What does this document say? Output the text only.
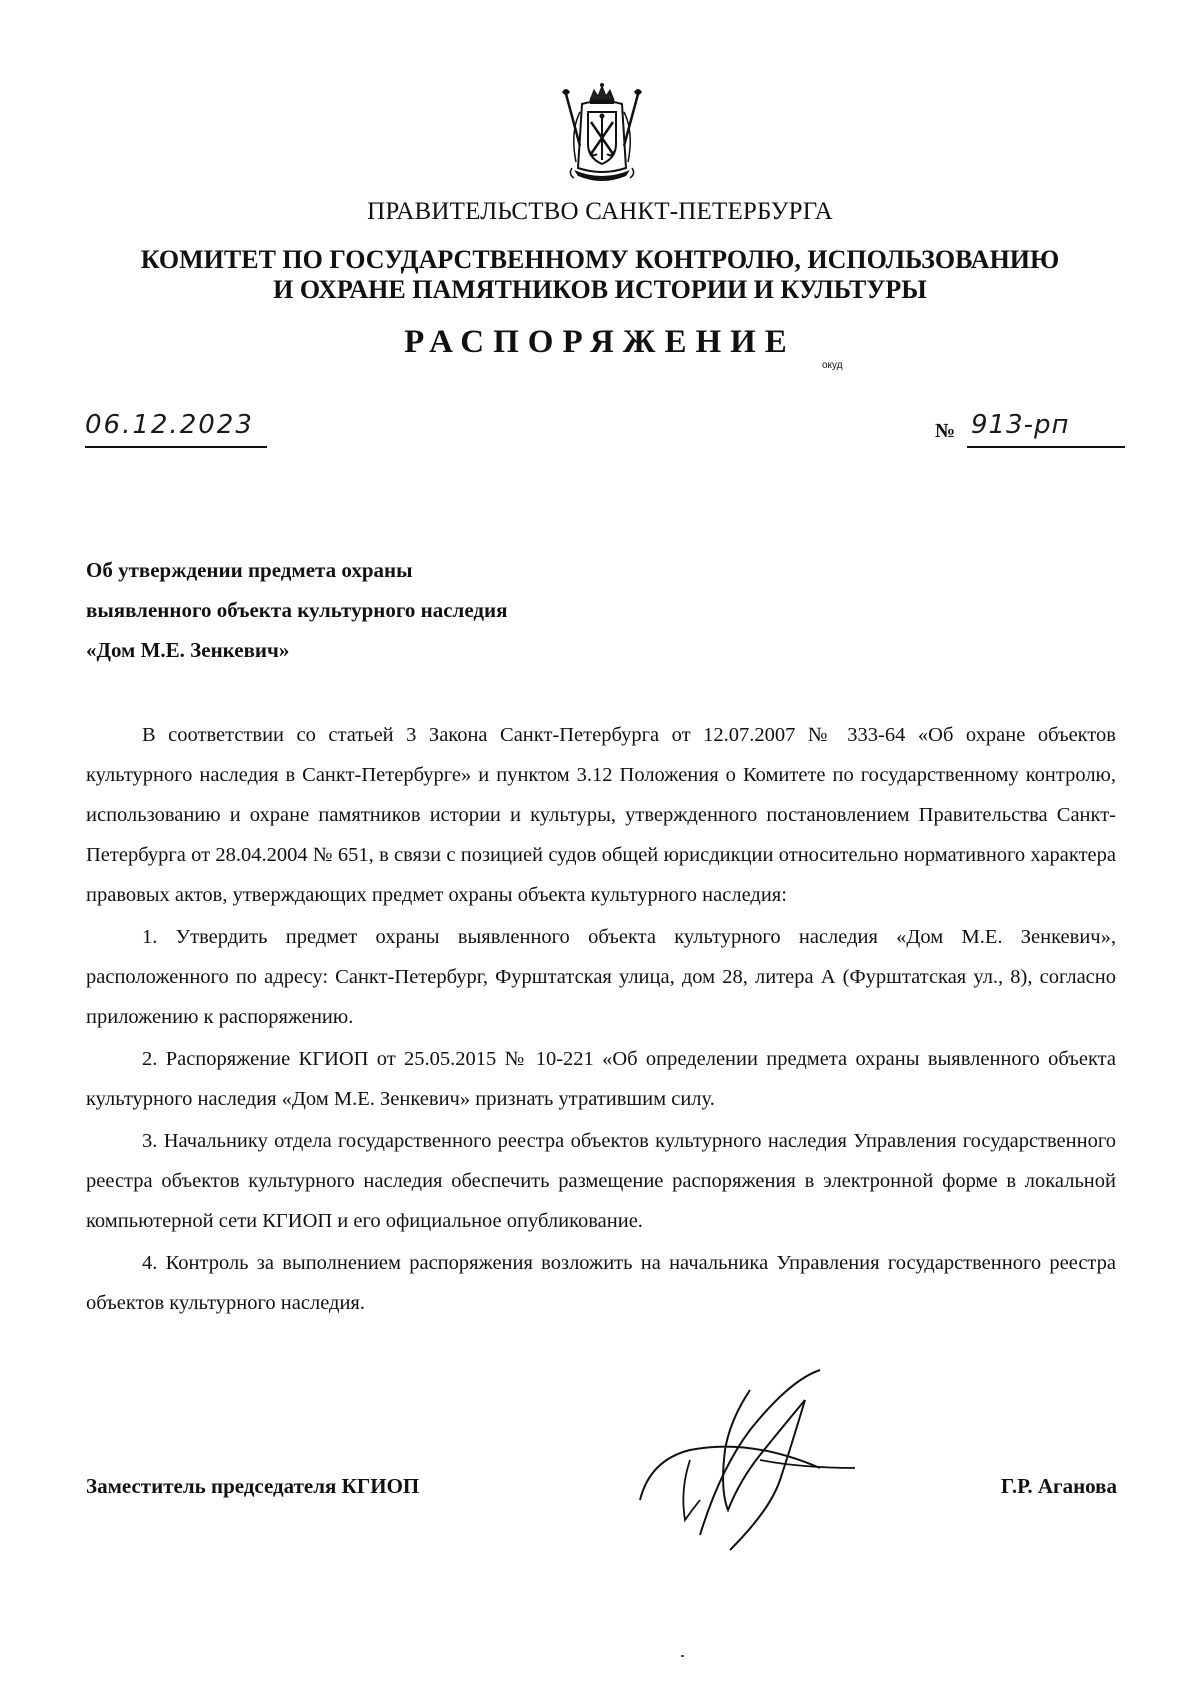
ПРАВИТЕЛЬСТВО САНКТ-ПЕТЕРБУРГА
КОМИТЕТ ПО ГОСУДАРСТВЕННОМУ КОНТРОЛЮ, ИСПОЛЬЗОВАНИЮ
И ОХРАНЕ ПАМЯТНИКОВ ИСТОРИИ И КУЛЬТУРЫ
РАСПОРЯЖЕНИЕ
окуд
06.12.2023	№ 913-рп
Об утверждении предмета охраны
выявленного объекта культурного наследия
«Дом М.Е. Зенкевич»

В соответствии со статьей 3 Закона Санкт-Петербурга от 12.07.2007 № 333-64 «Об охране объектов культурного наследия в Санкт-Петербурге» и пунктом 3.12 Положения о Комитете по государственному контролю, использованию и охране памятников истории и культуры, утвержденного постановлением Правительства Санкт-Петербурга от 28.04.2004 № 651, в связи с позицией судов общей юрисдикции относительно нормативного характера правовых актов, утверждающих предмет охраны объекта культурного наследия:

1. Утвердить предмет охраны выявленного объекта культурного наследия «Дом М.Е. Зенкевич», расположенного по адресу: Санкт-Петербург, Фурштатская улица, дом 28, литера А (Фурштатская ул., 8), согласно приложению к распоряжению.

2. Распоряжение КГИОП от 25.05.2015 № 10-221 «Об определении предмета охраны выявленного объекта культурного наследия «Дом М.Е. Зенкевич» признать утратившим силу.

3. Начальнику отдела государственного реестра объектов культурного наследия Управления государственного реестра объектов культурного наследия обеспечить размещение распоряжения в электронной форме в локальной компьютерной сети КГИОП и его официальное опубликование.

4. Контроль за выполнением распоряжения возложить на начальника Управления государственного реестра объектов культурного наследия.

Заместитель председателя КГИОП	Г.Р. Аганова
